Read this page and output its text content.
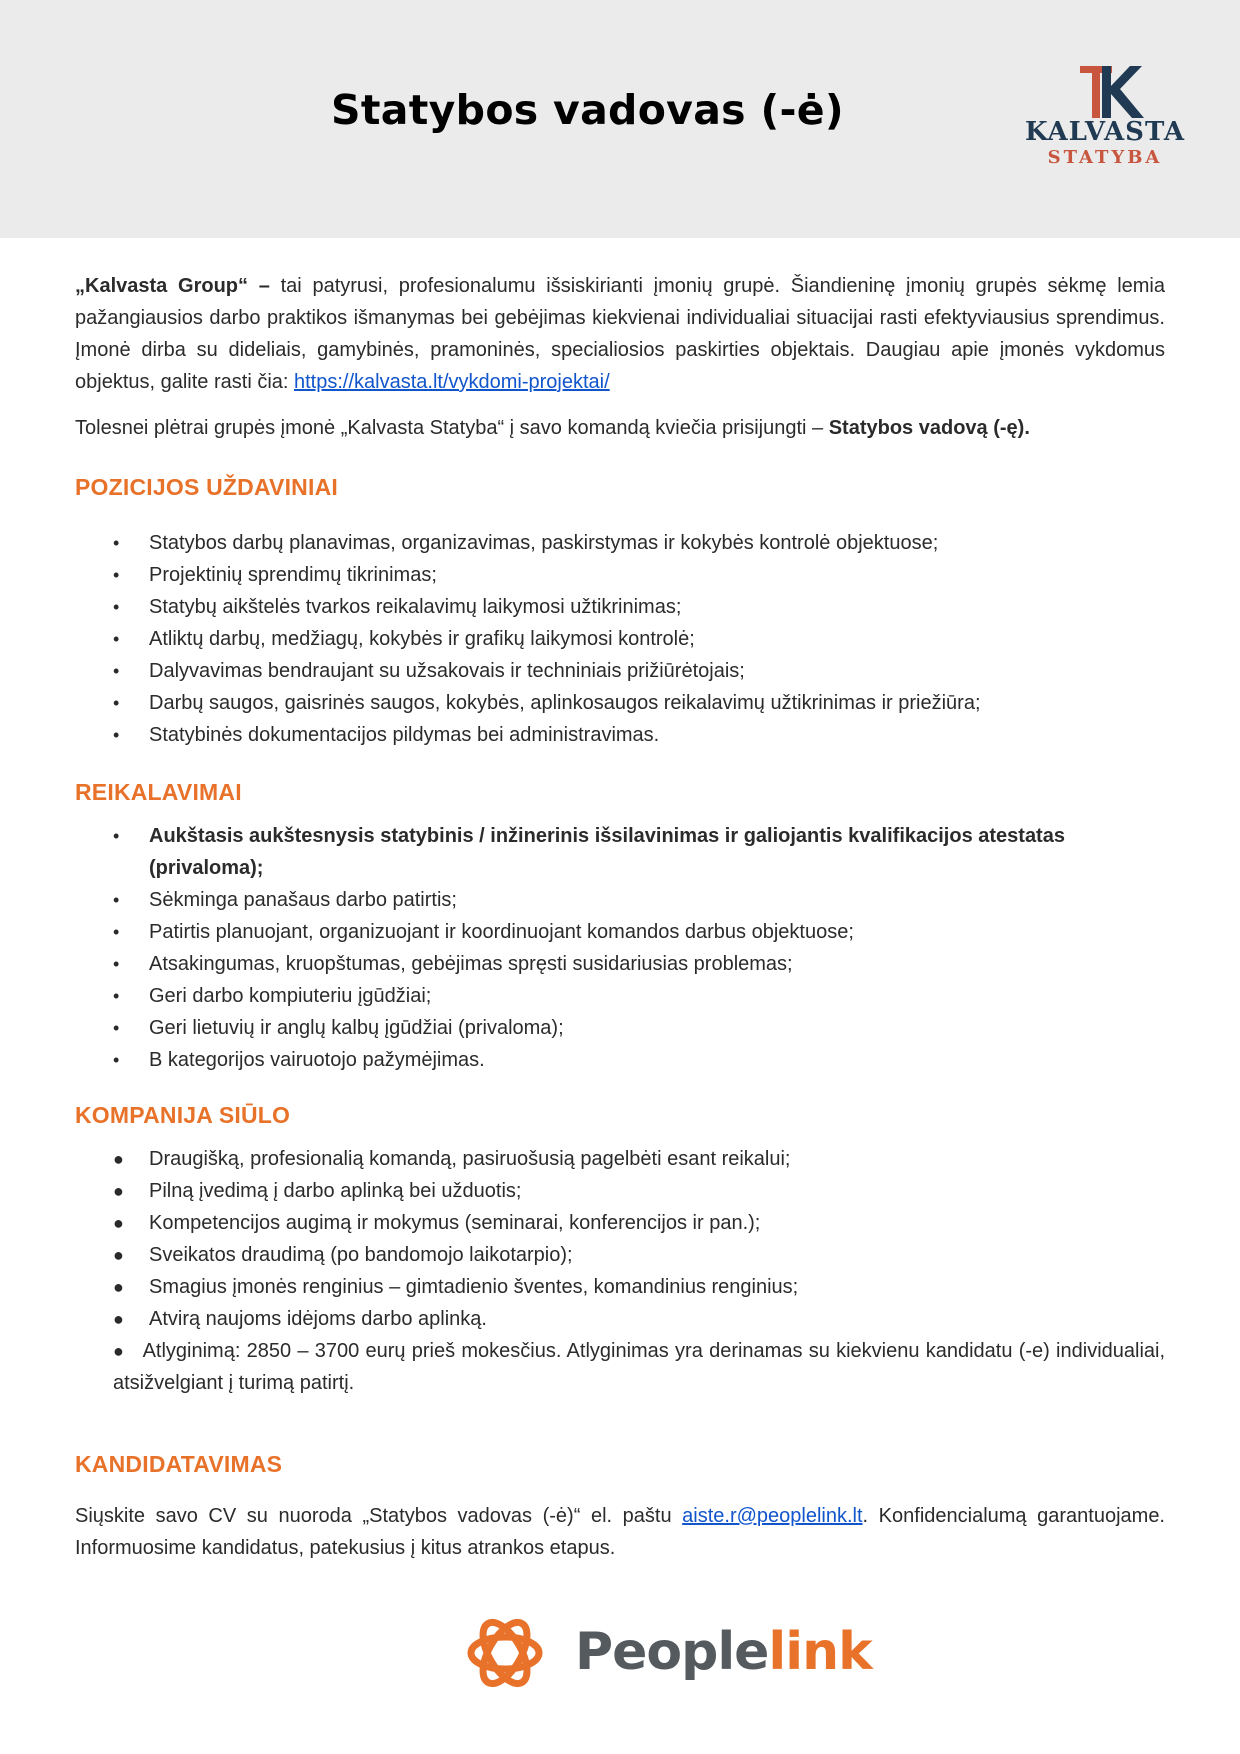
Statybos vadovas (-ė)	KALVASTA
STATYBA

„Kalvasta Group“ – tai patyrusi, profesionalumu išsiskirianti įmonių grupė. Šiandieninę įmonių grupės sėkmę lemia pažangiausios darbo praktikos išmanymas bei gebėjimas kiekvienai individualiai situacijai rasti efektyviausius sprendimus. Įmonė dirba su dideliais, gamybinės, pramoninės, specialiosios paskirties objektais. Daugiau apie įmonės vykdomus objektus, galite rasti čia: https://kalvasta.lt/vykdomi-projektai/

Tolesnei plėtrai grupės įmonė „Kalvasta Statyba“ į savo komandą kviečia prisijungti – Statybos vadovą (-ę).

POZICIJOS UŽDAVINIAI
• Statybos darbų planavimas, organizavimas, paskirstymas ir kokybės kontrolė objektuose;
• Projektinių sprendimų tikrinimas;
• Statybų aikštelės tvarkos reikalavimų laikymosi užtikrinimas;
• Atliktų darbų, medžiagų, kokybės ir grafikų laikymosi kontrolė;
• Dalyvavimas bendraujant su užsakovais ir techniniais prižiūrėtojais;
• Darbų saugos, gaisrinės saugos, kokybės, aplinkosaugos reikalavimų užtikrinimas ir priežiūra;
• Statybinės dokumentacijos pildymas bei administravimas.
REIKALAVIMAI
• Aukštasis aukštesnysis statybinis / inžinerinis išsilavinimas ir galiojantis kvalifikacijos atestatas (privaloma);
• Sėkminga panašaus darbo patirtis;
• Patirtis planuojant, organizuojant ir koordinuojant komandos darbus objektuose;
• Atsakingumas, kruopštumas, gebėjimas spręsti susidariusias problemas;
• Geri darbo kompiuteriu įgūdžiai;
• Geri lietuvių ir anglų kalbų įgūdžiai (privaloma);
• B kategorijos vairuotojo pažymėjimas.
KOMPANIJA SIŪLO
● Draugišką, profesionalią komandą, pasiruošusią pagelbėti esant reikalui;
● Pilną įvedimą į darbo aplinką bei užduotis;
● Kompetencijos augimą ir mokymus (seminarai, konferencijos ir pan.);
● Sveikatos draudimą (po bandomojo laikotarpio);
● Smagius įmonės renginius – gimtadienio šventes, komandinius renginius;
● Atvirą naujoms idėjoms darbo aplinką.
● Atlyginimą: 2850 – 3700 eurų prieš mokesčius. Atlyginimas yra derinamas su kiekvienu kandidatu (-e) individualiai, atsižvelgiant į turimą patirtį.
KANDIDATAVIMAS

Siųskite savo CV su nuoroda „Statybos vadovas (-ė)“ el. paštu aiste.r@peoplelink.lt. Konfidencialumą garantuojame. Informuosime kandidatus, patekusius į kitus atrankos etapus.

Peoplelink
